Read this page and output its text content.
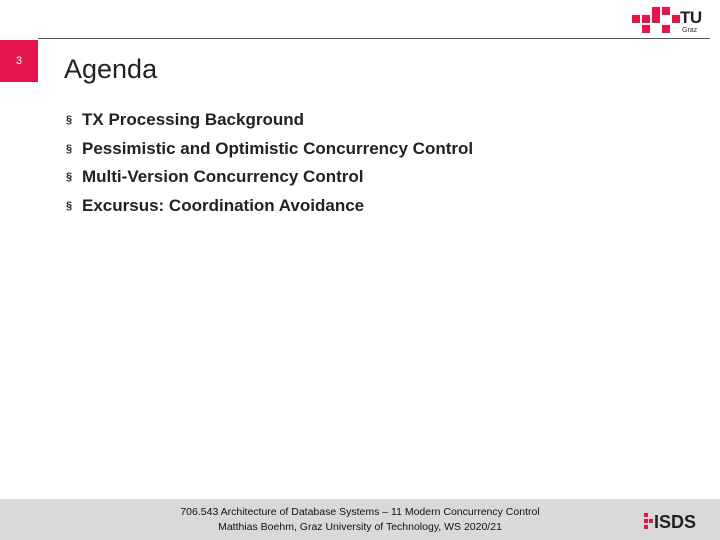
3
TU
Graz
Agenda
§ TX Processing Background
§ Pessimistic and Optimistic Concurrency Control
§ Multi-Version Concurrency Control
§ Excursus: Coordination Avoidance
706.543 Architecture of Database Systems – 11 Modern Concurrency Control
Matthias Boehm, Graz University of Technology, WS 2020/21	ISDS
